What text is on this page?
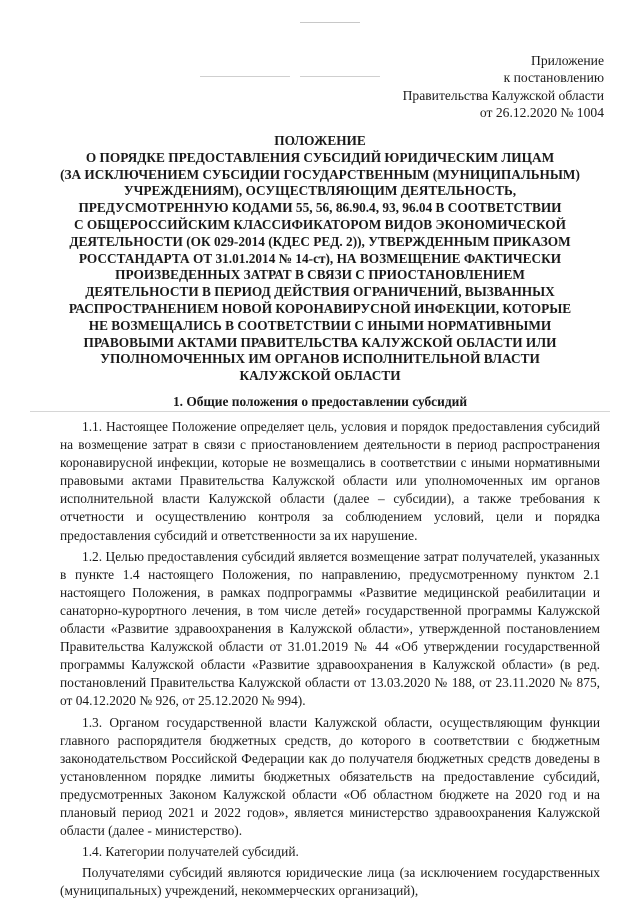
Приложение
к постановлению
Правительства Калужской области
от 26.12.2020 № 1004
ПОЛОЖЕНИЕ
О ПОРЯДКЕ ПРЕДОСТАВЛЕНИЯ СУБСИДИЙ ЮРИДИЧЕСКИМ ЛИЦАМ
(ЗА ИСКЛЮЧЕНИЕМ СУБСИДИИ ГОСУДАРСТВЕННЫМ (МУНИЦИПАЛЬНЫМ)
УЧРЕЖДЕНИЯМ), ОСУЩЕСТВЛЯЮЩИМ ДЕЯТЕЛЬНОСТЬ,
ПРЕДУСМОТРЕННУЮ КОДАМИ 55, 56, 86.90.4, 93, 96.04 В СООТВЕТСТВИИ
С ОБЩЕРОССИЙСКИМ КЛАССИФИКАТОРОМ ВИДОВ ЭКОНОМИЧЕСКОЙ
ДЕЯТЕЛЬНОСТИ (ОК 029-2014 (КДЕС РЕД. 2)), УТВЕРЖДЕННЫМ ПРИКАЗОМ
РОССТАНДАРТА ОТ 31.01.2014 № 14-ст), НА ВОЗМЕЩЕНИЕ ФАКТИЧЕСКИ
ПРОИЗВЕДЕННЫХ ЗАТРАТ В СВЯЗИ С ПРИОСТАНОВЛЕНИЕМ
ДЕЯТЕЛЬНОСТИ В ПЕРИОД ДЕЙСТВИЯ ОГРАНИЧЕНИЙ, ВЫЗВАННЫХ
РАСПРОСТРАНЕНИЕМ НОВОЙ КОРОНАВИРУСНОЙ ИНФЕКЦИИ, КОТОРЫЕ
НЕ ВОЗМЕЩАЛИСЬ В СООТВЕТСТВИИ С ИНЫМИ НОРМАТИВНЫМИ
ПРАВОВЫМИ АКТАМИ ПРАВИТЕЛЬСТВА КАЛУЖСКОЙ ОБЛАСТИ ИЛИ
УПОЛНОМОЧЕННЫХ ИМ ОРГАНОВ ИСПОЛНИТЕЛЬНОЙ ВЛАСТИ
КАЛУЖСКОЙ ОБЛАСТИ
1. Общие положения о предоставлении субсидий

1.1. Настоящее Положение определяет цель, условия и порядок предоставления субсидий на возмещение затрат в связи с приостановлением деятельности в период распространения коронавирусной инфекции, которые не возмещались в соответствии с иными нормативными правовыми актами Правительства Калужской области или уполномоченных им органов исполнительной власти Калужской области (далее – субсидии), а также требования к отчетности и осуществлению контроля за соблюдением условий, цели и порядка предоставления субсидий и ответственности за их нарушение.

1.2. Целью предоставления субсидий является возмещение затрат получателей, указанных в пункте 1.4 настоящего Положения, по направлению, предусмотренному пунктом 2.1 настоящего Положения, в рамках подпрограммы «Развитие медицинской реабилитации и санаторно-курортного лечения, в том числе детей» государственной программы Калужской области «Развитие здравоохранения в Калужской области», утвержденной постановлением Правительства Калужской области от 31.01.2019 № 44 «Об утверждении государственной программы Калужской области «Развитие здравоохранения в Калужской области» (в ред. постановлений Правительства Калужской области от 13.03.2020 № 188, от 23.11.2020 № 875, от 04.12.2020 № 926, от 25.12.2020 № 994).

1.3. Органом государственной власти Калужской области, осуществляющим функции главного распорядителя бюджетных средств, до которого в соответствии с бюджетным законодательством Российской Федерации как до получателя бюджетных средств доведены в установленном порядке лимиты бюджетных обязательств на предоставление субсидий, предусмотренных Законом Калужской области «Об областном бюджете на 2020 год и на плановый период 2021 и 2022 годов», является министерство здравоохранения Калужской области (далее - министерство).

1.4. Категории получателей субсидий.

Получателями субсидий являются юридические лица (за исключением государственных (муниципальных) учреждений, некоммерческих организаций),
